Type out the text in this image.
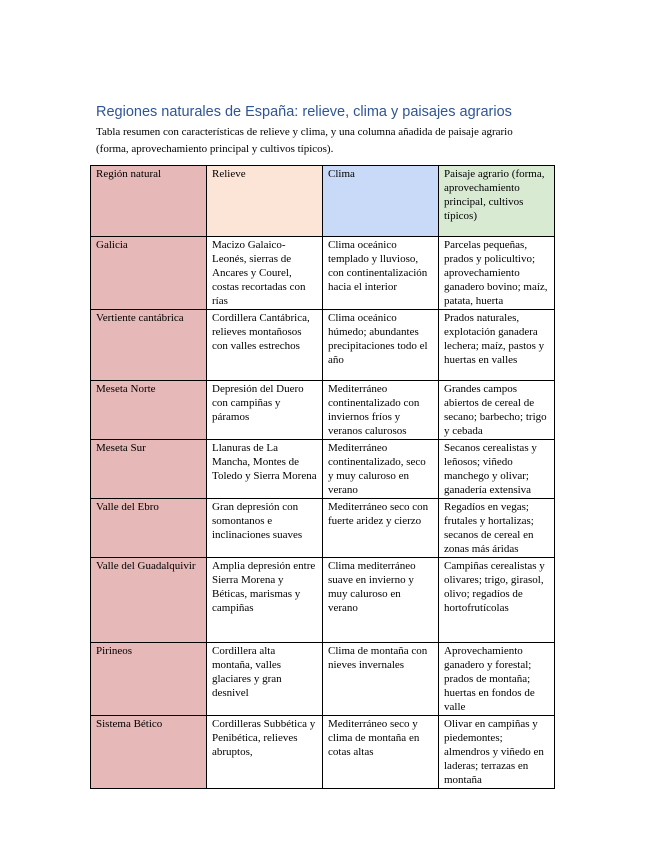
Regiones naturales de España: relieve, clima y paisajes agrarios
Tabla resumen con características de relieve y clima, y una columna añadida de paisaje agrario (forma, aprovechamiento principal y cultivos típicos).
Región natural	Relieve	Clima	Paisaje agrario (forma, aprovechamiento principal, cultivos típicos)
Galicia	Macizo Galaico-Leonés, sierras de Ancares y Courel, costas recortadas con rías	Clima oceánico templado y lluvioso, con continentalización hacia el interior	Parcelas pequeñas, prados y policultivo; aprovechamiento ganadero bovino; maíz, patata, huerta
Vertiente cantábrica	Cordillera Cantábrica, relieves montañosos con valles estrechos	Clima oceánico húmedo; abundantes precipitaciones todo el año	Prados naturales, explotación ganadera lechera; maíz, pastos y huertas en valles
Meseta Norte	Depresión del Duero con campiñas y páramos	Mediterráneo continentalizado con inviernos fríos y veranos calurosos	Grandes campos abiertos de cereal de secano; barbecho; trigo y cebada
Meseta Sur	Llanuras de La Mancha, Montes de Toledo y Sierra Morena	Mediterráneo continentalizado, seco y muy caluroso en verano	Secanos cerealistas y leñosos; viñedo manchego y olivar; ganadería extensiva
Valle del Ebro	Gran depresión con somontanos e inclinaciones suaves	Mediterráneo seco con fuerte aridez y cierzo	Regadíos en vegas; frutales y hortalizas; secanos de cereal en zonas más áridas
Valle del Guadalquivir	Amplia depresión entre Sierra Morena y Béticas, marismas y campiñas	Clima mediterráneo suave en invierno y muy caluroso en verano	Campiñas cerealistas y olivares; trigo, girasol, olivo; regadíos de hortofrutícolas
Pirineos	Cordillera alta montaña, valles glaciares y gran desnivel	Clima de montaña con nieves invernales	Aprovechamiento ganadero y forestal; prados de montaña; huertas en fondos de valle
Sistema Bético	Cordilleras Subbética y Penibética, relieves abruptos,	Mediterráneo seco y clima de montaña en cotas altas	Olivar en campiñas y piedemontes; almendros y viñedo en laderas; terrazas en montaña
